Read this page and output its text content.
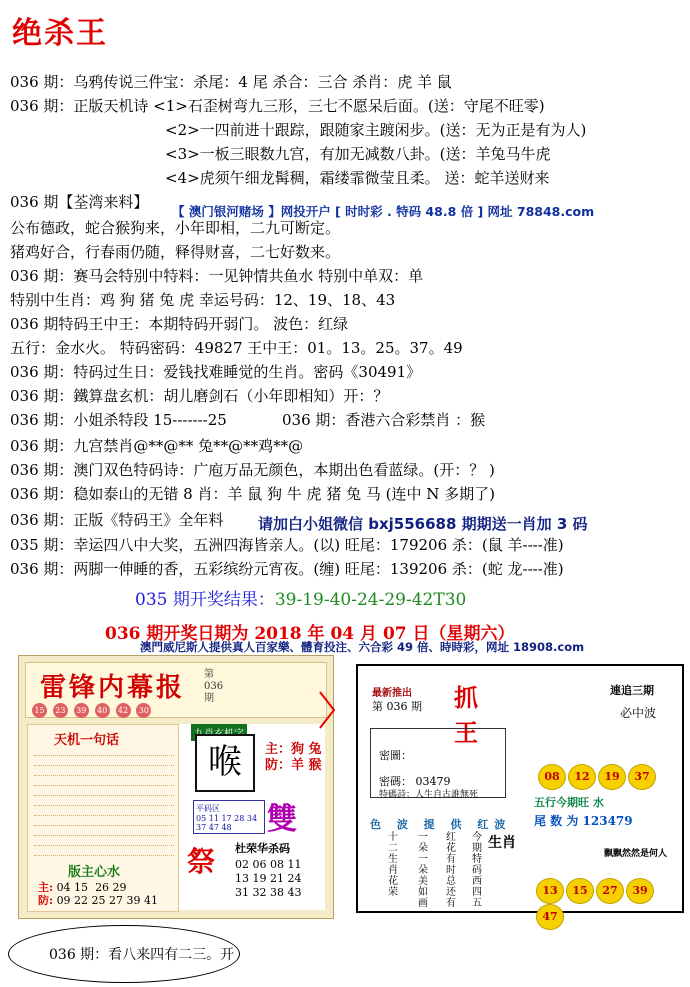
绝杀王
036 期：乌鸦传说三件宝：杀尾：4 尾 杀合：三合 杀肖：虎 羊 鼠
036 期：正版天机诗 <1>石歪树弯九三形，三七不愿呆后面。(送：守尾不旺零)
<2>一四前进十跟踪，跟随家主踱闲步。(送：无为正是有为人)
<3>一板三眼数九宫，有加无减数八卦。(送：羊兔马牛虎
<4>虎须午细龙髯稠，霜缕霏微莹且柔。 送：蛇羊送财来
036 期【荃湾来料】
【 澳门银河赌场 】网投开户 [ 时时彩 . 特码 48.8 倍 ] 网址 78848.com
公布德政，蛇合猴狗来，小年即相，二九可断定。
猪鸡好合，行春雨仍随，释得财喜，二七好数来。
036 期：赛马会特别中特料：一见钟情共鱼水 特别中单双：单
特别中生肖：鸡 狗 猪 兔 虎 幸运号码：12、19、18、43
036 期特码王中王：本期特码开弱门。 波色：红绿
五行：金水火。 特码密码：49827 王中王：01。13。25。37。49
036 期：特码过生日：爱钱找难睡觉的生肖。密码《30491》
036 期：鐵算盘玄机：胡儿磨剑石（小年即相知）开：？
036 期：小姐杀特段 15-------25	036 期：香港六合彩禁肖 ：猴
036 期：九宫禁肖@**@** 兔**@**鸡**@
036 期：澳门双色特码诗：广庖万品无颜色，本期出色看蓝绿。(开：？ )
036 期：稳如泰山的无错 8 肖：羊 鼠 狗 牛 虎 猪 兔 马 (连中 N 多期了)
036 期：正版《特码王》全年料 请加白小姐微信 bxj556688 期期送一肖加 3 码
035 期：幸运四八中大奖，五洲四海皆亲人。(以) 旺尾：179206 杀：(鼠 羊----准)
036 期：两脚一伸睡的香，五彩缤纷元宵夜。(缠) 旺尾：139206 杀：(蛇 龙----准)
035 期开奖结果：39-19-40-24-29-42T30
036 期开奖日期为 2018 年 04 月 07 日（星期六）
澳門威尼斯人提供真人百家樂、體育投注、六合彩 49 倍、時時彩，网址 18908.com
雷锋内幕报 第036期
15 23 39 40 42 30
天机一句话
版主心水
主: 04 15 26 29
防: 09 22 25 27 39 41
喉	主：狗 兔
防：羊 猴
平码区
05 11 17 28 34 37 47 48	雙
祭 杜荣华杀码
02 06 08 11
13 19 21 24
31 32 38 43
最新推出
第 036 期 抓 王
連追三期
必中波
密圖：
密碼： 03479
特碼詩：人生自古誰無死
08 12 19 37
五行今期旺 水
尾 数 为 123479
色 波 提 供 红波
十二生肖花荣
一朵一朵美如画
红花有时总还有
今期特码西四五
生肖
飘飘然然是何人
13 15 27 3947
036 期：看八来四有二三。开
